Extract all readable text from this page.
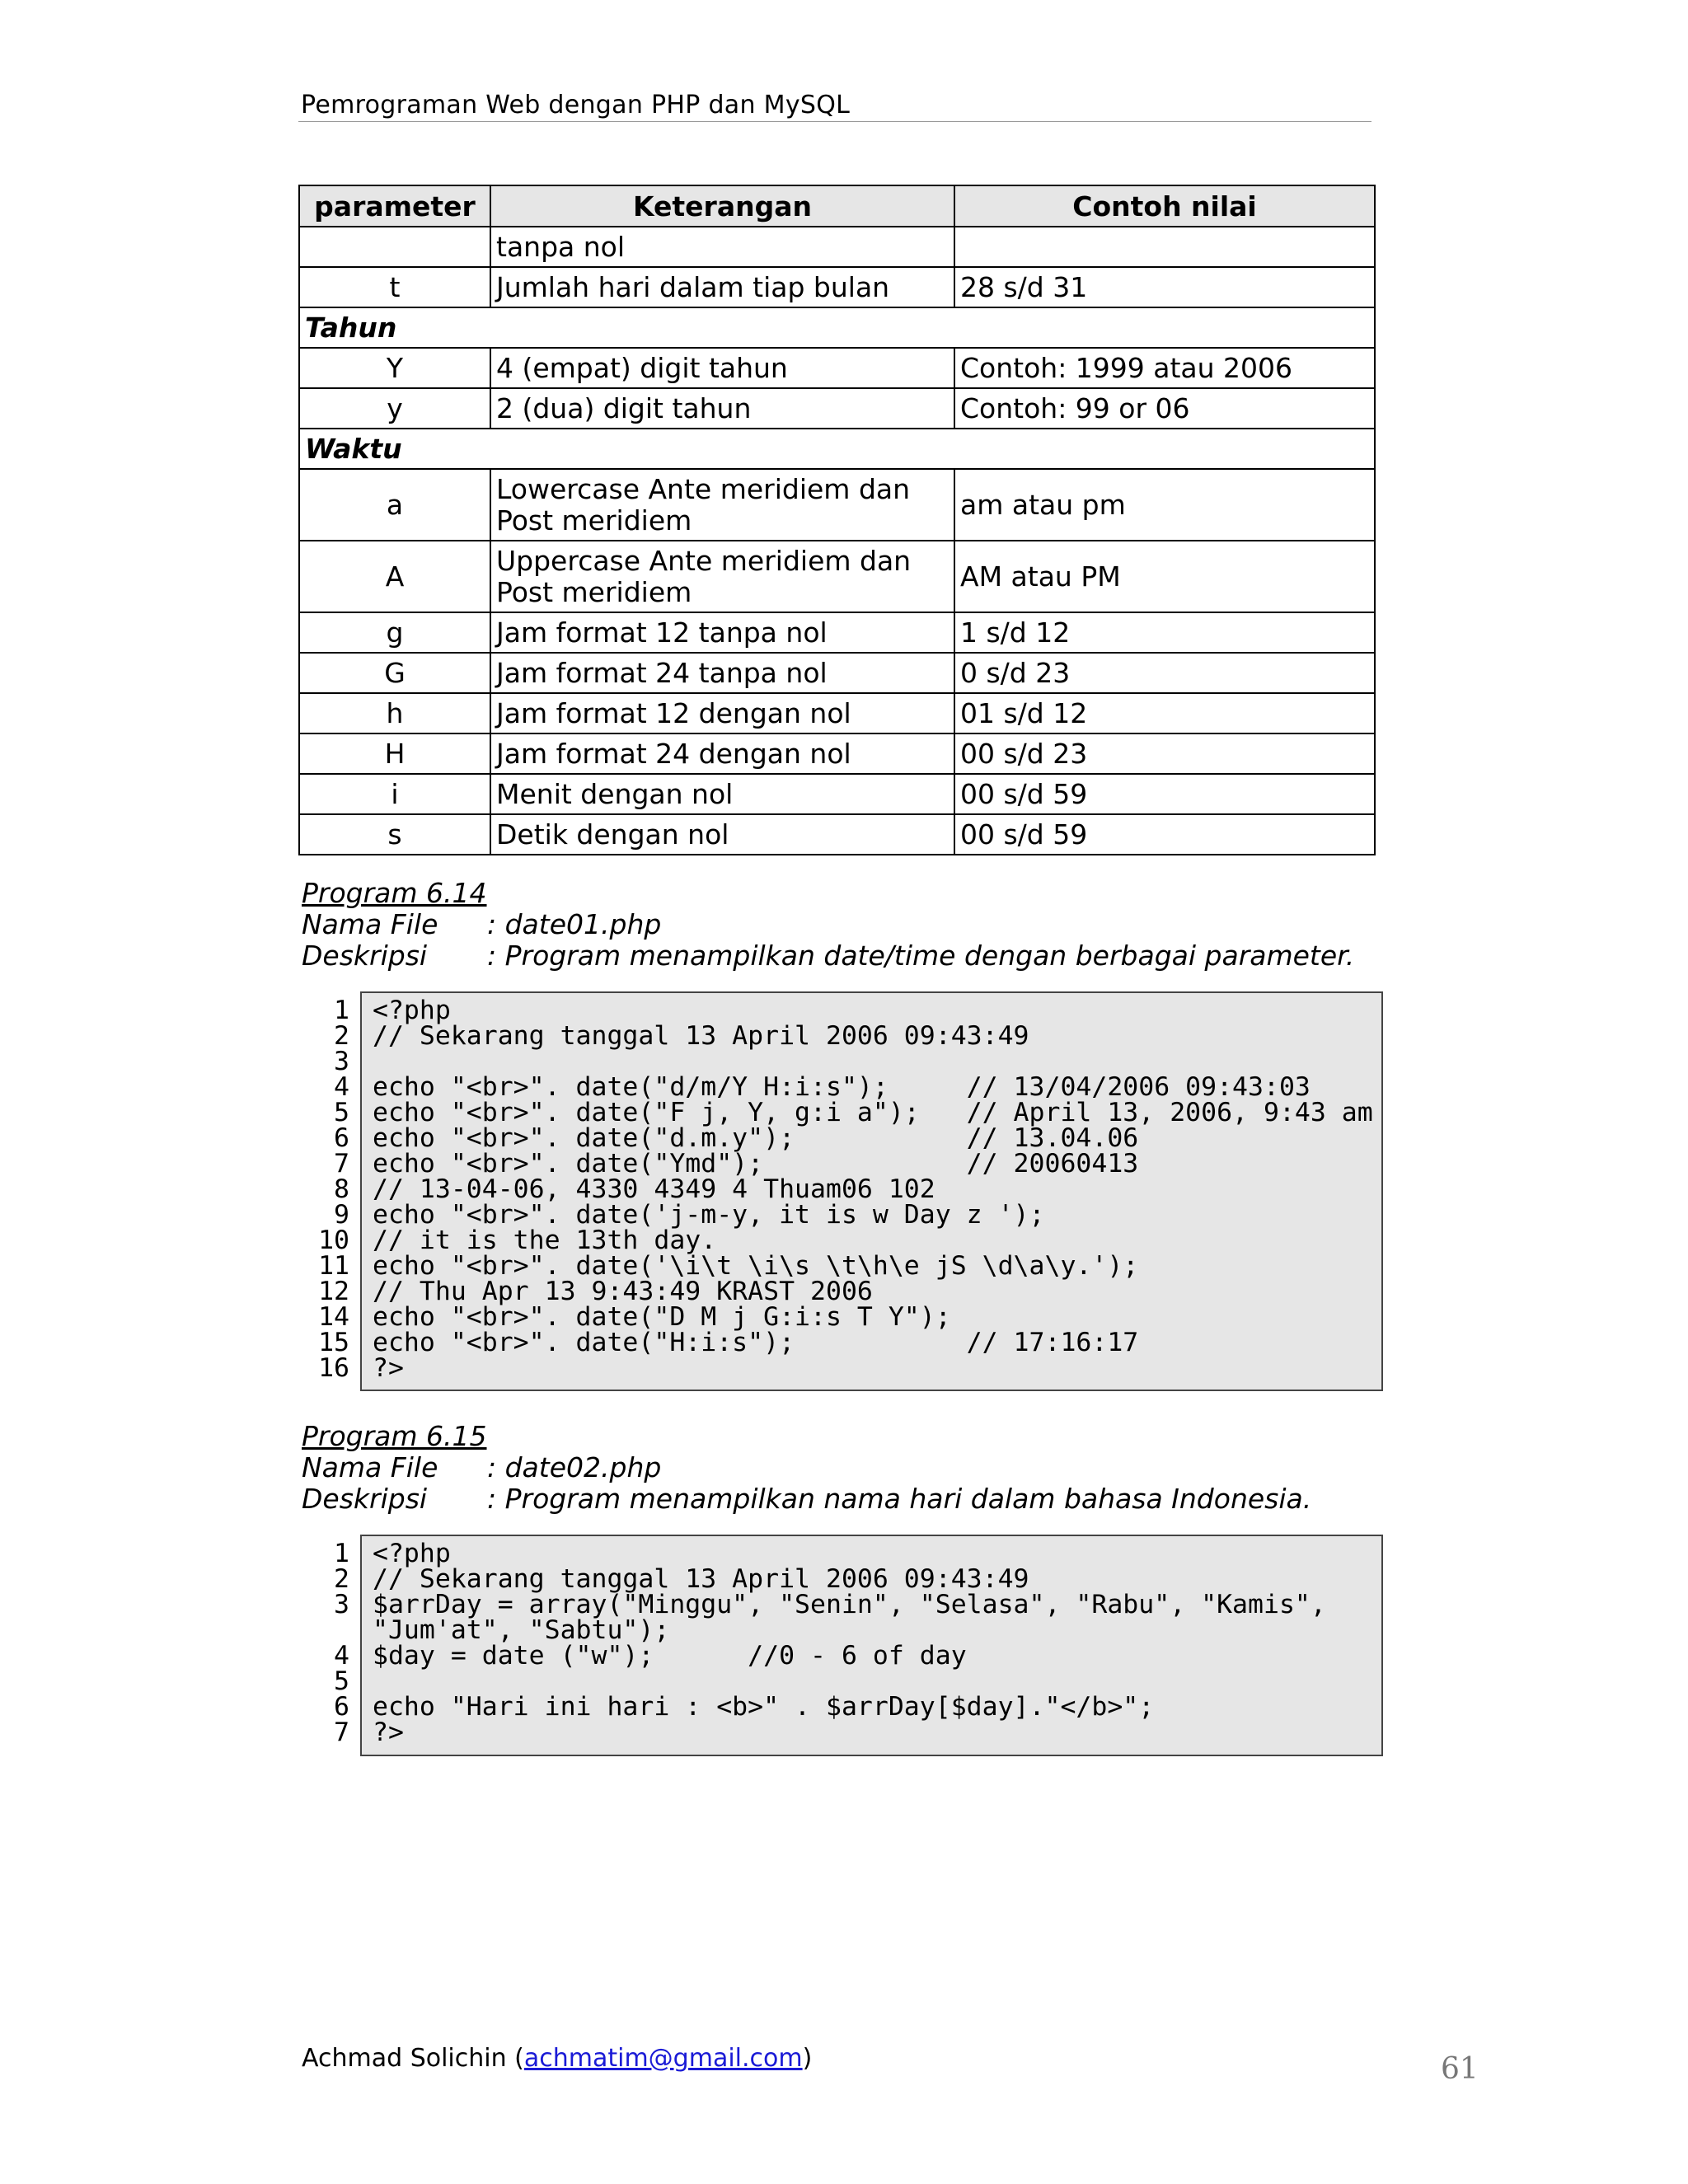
Pemrograman Web dengan PHP dan MySQL
parameter	Keterangan	Contoh nilai
	tanpa nol	
t	Jumlah hari dalam tiap bulan	28 s/d 31
Tahun		
Y	4 (empat) digit tahun	Contoh: 1999 atau 2006
y	2 (dua) digit tahun	Contoh: 99 or 06
Waktu		
a	Lowercase Ante meridiem dan Post meridiem	am atau pm
A	Uppercase Ante meridiem dan Post meridiem	AM atau PM
g	Jam format 12 tanpa nol	1 s/d 12
G	Jam format 24 tanpa nol	0 s/d 23
h	Jam format 12 dengan nol	01 s/d 12
H	Jam format 24 dengan nol	00 s/d 23
i	Menit dengan nol	00 s/d 59
s	Detik dengan nol	00 s/d 59
Program 6.14
Nama File	: date01.php
Deskripsi	: Program menampilkan date/time dengan berbagai parameter.
1 <?php
2 // Sekarang tanggal 13 April 2006 09:43:49
3
4 echo "<br>". date("d/m/Y H:i:s");     // 13/04/2006 09:43:03
5 echo "<br>". date("F j, Y, g:i a");   // April 13, 2006, 9:43 am
6 echo "<br>". date("d.m.y");           // 13.04.06
7 echo "<br>". date("Ymd");             // 20060413
8 // 13-04-06, 4330 4349 4 Thuam06 102
9 echo "<br>". date('j-m-y, it is w Day z ');
10 // it is the 13th day.
11 echo "<br>". date('\i\t \i\s \t\h\e jS \d\a\y.');
12 // Thu Apr 13 9:43:49 KRAST 2006
14 echo "<br>". date("D M j G:i:s T Y");
15 echo "<br>". date("H:i:s");           // 17:16:17
16 ?>
Program 6.15
Nama File	: date02.php
Deskripsi	: Program menampilkan nama hari dalam bahasa Indonesia.
1 <?php
2 // Sekarang tanggal 13 April 2006 09:43:49
3 $arrDay = array("Minggu", "Senin", "Selasa", "Rabu", "Kamis",
"Jum'at", "Sabtu");
4 $day = date ("w");      //0 - 6 of day
5
6 echo "Hari ini hari : <b>" . $arrDay[$day]."</b>";
7 ?>
Achmad Solichin (achmatim@gmail.com)	61
